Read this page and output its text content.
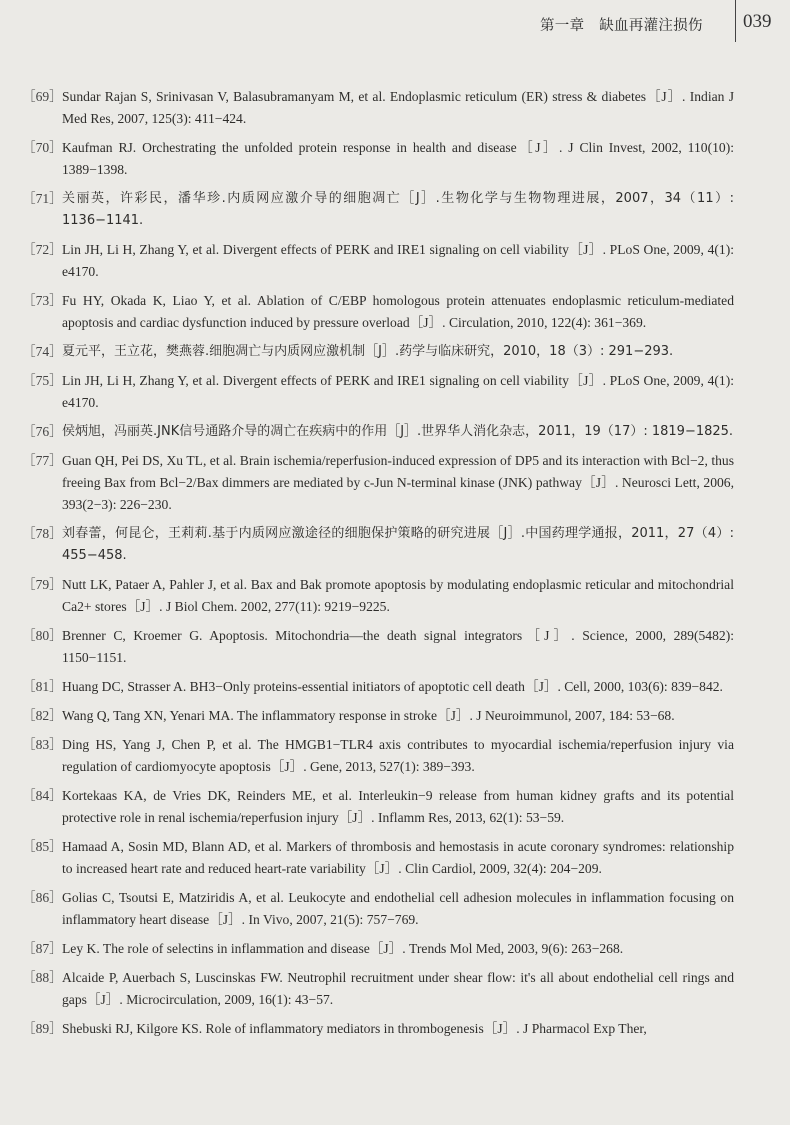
第一章　缺血再灌注损伤 039
［69］ Sundar Rajan S, Srinivasan V, Balasubramanyam M, et al. Endoplasmic reticulum (ER) stress & diabetes［J］. Indian J Med Res, 2007, 125(3): 411−424.
［70］ Kaufman RJ. Orchestrating the unfolded protein response in health and disease［J］. J Clin Invest, 2002, 110(10): 1389−1398.
［71］ 关丽英，许彩民，潘华珍.内质网应激介导的细胞凋亡［J］.生物化学与生物物理进展，2007，34（11）: 1136−1141.
［72］ Lin JH, Li H, Zhang Y, et al. Divergent effects of PERK and IRE1 signaling on cell viability［J］. PLoS One, 2009, 4(1): e4170.
［73］ Fu HY, Okada K, Liao Y, et al. Ablation of C/EBP homologous protein attenuates endoplasmic reticulum-mediated apoptosis and cardiac dysfunction induced by pressure overload［J］. Circulation, 2010, 122(4): 361−369.
［74］ 夏元平，王立花，樊燕蓉.细胞凋亡与内质网应激机制［J］.药学与临床研究，2010，18（3）: 291−293.
［75］ Lin JH, Li H, Zhang Y, et al. Divergent effects of PERK and IRE1 signaling on cell viability［J］. PLoS One, 2009, 4(1): e4170.
［76］ 侯炳旭，冯丽英.JNK信号通路介导的凋亡在疾病中的作用［J］.世界华人消化杂志，2011，19（17）: 1819−1825.
［77］ Guan QH, Pei DS, Xu TL, et al. Brain ischemia/reperfusion-induced expression of DP5 and its interaction with Bcl−2, thus freeing Bax from Bcl−2/Bax dimmers are mediated by c-Jun N-terminal kinase (JNK) pathway［J］. Neurosci Lett, 2006, 393(2−3): 226−230.
［78］ 刘春蕾，何昆仑，王莉莉.基于内质网应激途径的细胞保护策略的研究进展［J］.中国药理学通报，2011，27（4）: 455−458.
［79］ Nutt LK, Pataer A, Pahler J, et al. Bax and Bak promote apoptosis by modulating endoplasmic reticular and mitochondrial Ca2+ stores［J］. J Biol Chem. 2002, 277(11): 9219−9225.
［80］ Brenner C, Kroemer G. Apoptosis. Mitochondria—the death signal integrators［J］. Science, 2000, 289(5482): 1150−1151.
［81］ Huang DC, Strasser A. BH3−Only proteins-essential initiators of apoptotic cell death［J］. Cell, 2000, 103(6): 839−842.
［82］ Wang Q, Tang XN, Yenari MA. The inflammatory response in stroke［J］. J Neuroimmunol, 2007, 184: 53−68.
［83］ Ding HS, Yang J, Chen P, et al. The HMGB1−TLR4 axis contributes to myocardial ischemia/reperfusion injury via regulation of cardiomyocyte apoptosis［J］. Gene, 2013, 527(1): 389−393.
［84］ Kortekaas KA, de Vries DK, Reinders ME, et al. Interleukin−9 release from human kidney grafts and its potential protective role in renal ischemia/reperfusion injury［J］. Inflamm Res, 2013, 62(1): 53−59.
［85］ Hamaad A, Sosin MD, Blann AD, et al. Markers of thrombosis and hemostasis in acute coronary syndromes: relationship to increased heart rate and reduced heart-rate variability［J］. Clin Cardiol, 2009, 32(4): 204−209.
［86］ Golias C, Tsoutsi E, Matziridis A, et al. Leukocyte and endothelial cell adhesion molecules in inflammation focusing on inflammatory heart disease［J］. In Vivo, 2007, 21(5): 757−769.
［87］ Ley K. The role of selectins in inflammation and disease［J］. Trends Mol Med, 2003, 9(6): 263−268.
［88］ Alcaide P, Auerbach S, Luscinskas FW. Neutrophil recruitment under shear flow: it's all about endothelial cell rings and gaps［J］. Microcirculation, 2009, 16(1): 43−57.
［89］ Shebuski RJ, Kilgore KS. Role of inflammatory mediators in thrombogenesis［J］. J Pharmacol Exp Ther,
